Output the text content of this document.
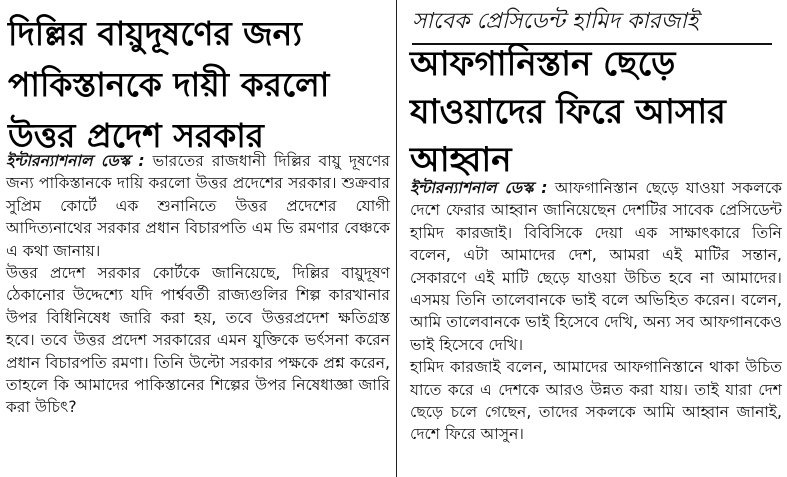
দিল্লির বায়ুদূষণের জন্য পাকিস্তানকে দায়ী করলো উত্তর প্রদেশ সরকার

ইন্টারন্যাশনাল ডেস্ক : ভারতের রাজধানী দিল্লির বায়ু দূষণের জন্য পাকিস্তানকে দায়ি করলো উত্তর প্রদেশের সরকার। শুক্রবার সুপ্রিম কোর্টে এক শুনানিতে উত্তর প্রদেশের যোগী আদিত্যনাথের সরকার প্রধান বিচারপতি এম ভি রমণার বেঞ্চকে এ কথা জানায়।

উত্তর প্রদেশ সরকার কোর্টকে জানিয়েছে, দিল্লির বায়ুদূষণ ঠেকানোর উদ্দেশ্যে যদি পার্শ্ববর্তী রাজ্যগুলির শিল্প কারখানার উপর বিধিনিষেধ জারি করা হয়, তবে উত্তরপ্রদেশ ক্ষতিগ্রস্ত হবে। তবে উত্তর প্রদেশ সরকারের এমন যুক্তিকে ভর্ৎসনা করেন প্রধান বিচারপতি রমণা। তিনি উল্টো সরকার পক্ষকে প্রশ্ন করেন, তাহলে কি আমাদের পাকিস্তানের শিল্পের উপর নিষেধাজ্ঞা জারি করা উচিৎ?

সাবেক প্রেসিডেন্ট হামিদ কারজাই
আফগানিস্তান ছেড়ে যাওয়াদের ফিরে আসার আহ্বান

ইন্টারন্যাশনাল ডেস্ক : আফগানিস্তান ছেড়ে যাওয়া সকলকে দেশে ফেরার আহ্বান জানিয়েছেন দেশটির সাবেক প্রেসিডেন্ট হামিদ কারজাই। বিবিসিকে দেয়া এক সাক্ষাৎকারে তিনি বলেন, এটা আমাদের দেশ, আমরা এই মাটির সন্তান, সেকারণে এই মাটি ছেড়ে যাওয়া উচিত হবে না আমাদের। এসময় তিনি তালেবানকে ভাই বলে অভিহিত করেন। বলেন, আমি তালেবানকে ভাই হিসেবে দেখি, অন্য সব আফগানকেও ভাই হিসেবে দেখি।

হামিদ কারজাই বলেন, আমাদের আফগানিস্তানে থাকা উচিত যাতে করে এ দেশকে আরও উন্নত করা যায়। তাই যারা দেশ ছেড়ে চলে গেছেন, তাদের সকলকে আমি আহ্বান জানাই, দেশে ফিরে আসুন।
